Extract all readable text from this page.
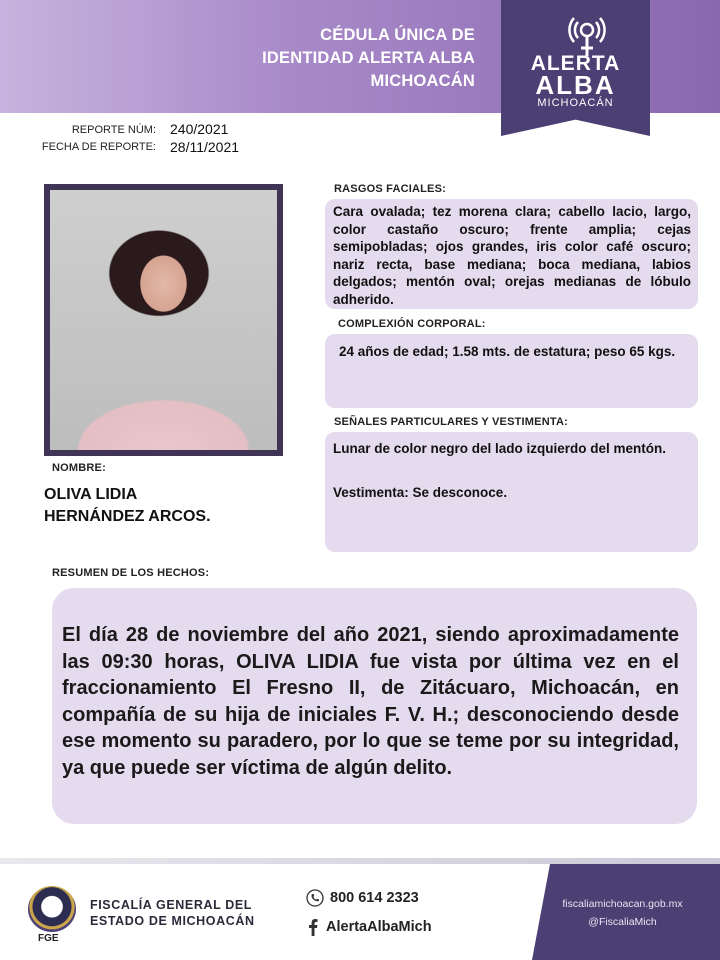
CÉDULA ÚNICA DE
IDENTIDAD ALERTA ALBA
MICHOACÁN
ALERTA
ALBA
MICHOACÁN
REPORTE NÚM: 240/2021
FECHA DE REPORTE: 28/11/2021
NOMBRE:
OLIVA LIDIA
HERNÁNDEZ ARCOS.
RASGOS FACIALES:
Cara ovalada; tez morena clara; cabello lacio, largo, color castaño oscuro; frente amplia; cejas semipobladas; ojos grandes, iris color café oscuro; nariz recta, base mediana; boca mediana, labios delgados; mentón oval; orejas medianas de lóbulo adherido.
COMPLEXIÓN CORPORAL:
24 años de edad; 1.58 mts. de estatura; peso 65 kgs.
SEÑALES PARTICULARES Y VESTIMENTA:
Lunar de color negro del lado izquierdo del mentón.
Vestimenta: Se desconoce.
RESUMEN DE LOS HECHOS:
El día 28 de noviembre del año 2021, siendo aproximadamente las 09:30 horas, OLIVA LIDIA fue vista por última vez en el fraccionamiento El Fresno II, de Zitácuaro, Michoacán, en compañía de su hija de iniciales F. V. H.; desconociendo desde ese momento su paradero, por lo que se teme por su integridad, ya que puede ser víctima de algún delito.
FGE
FISCALÍA GENERAL DEL
ESTADO DE MICHOACÁN
800 614 2323
AlertaAlbaMich
fiscaliamichoacan.gob.mx
@FiscaliaMich
